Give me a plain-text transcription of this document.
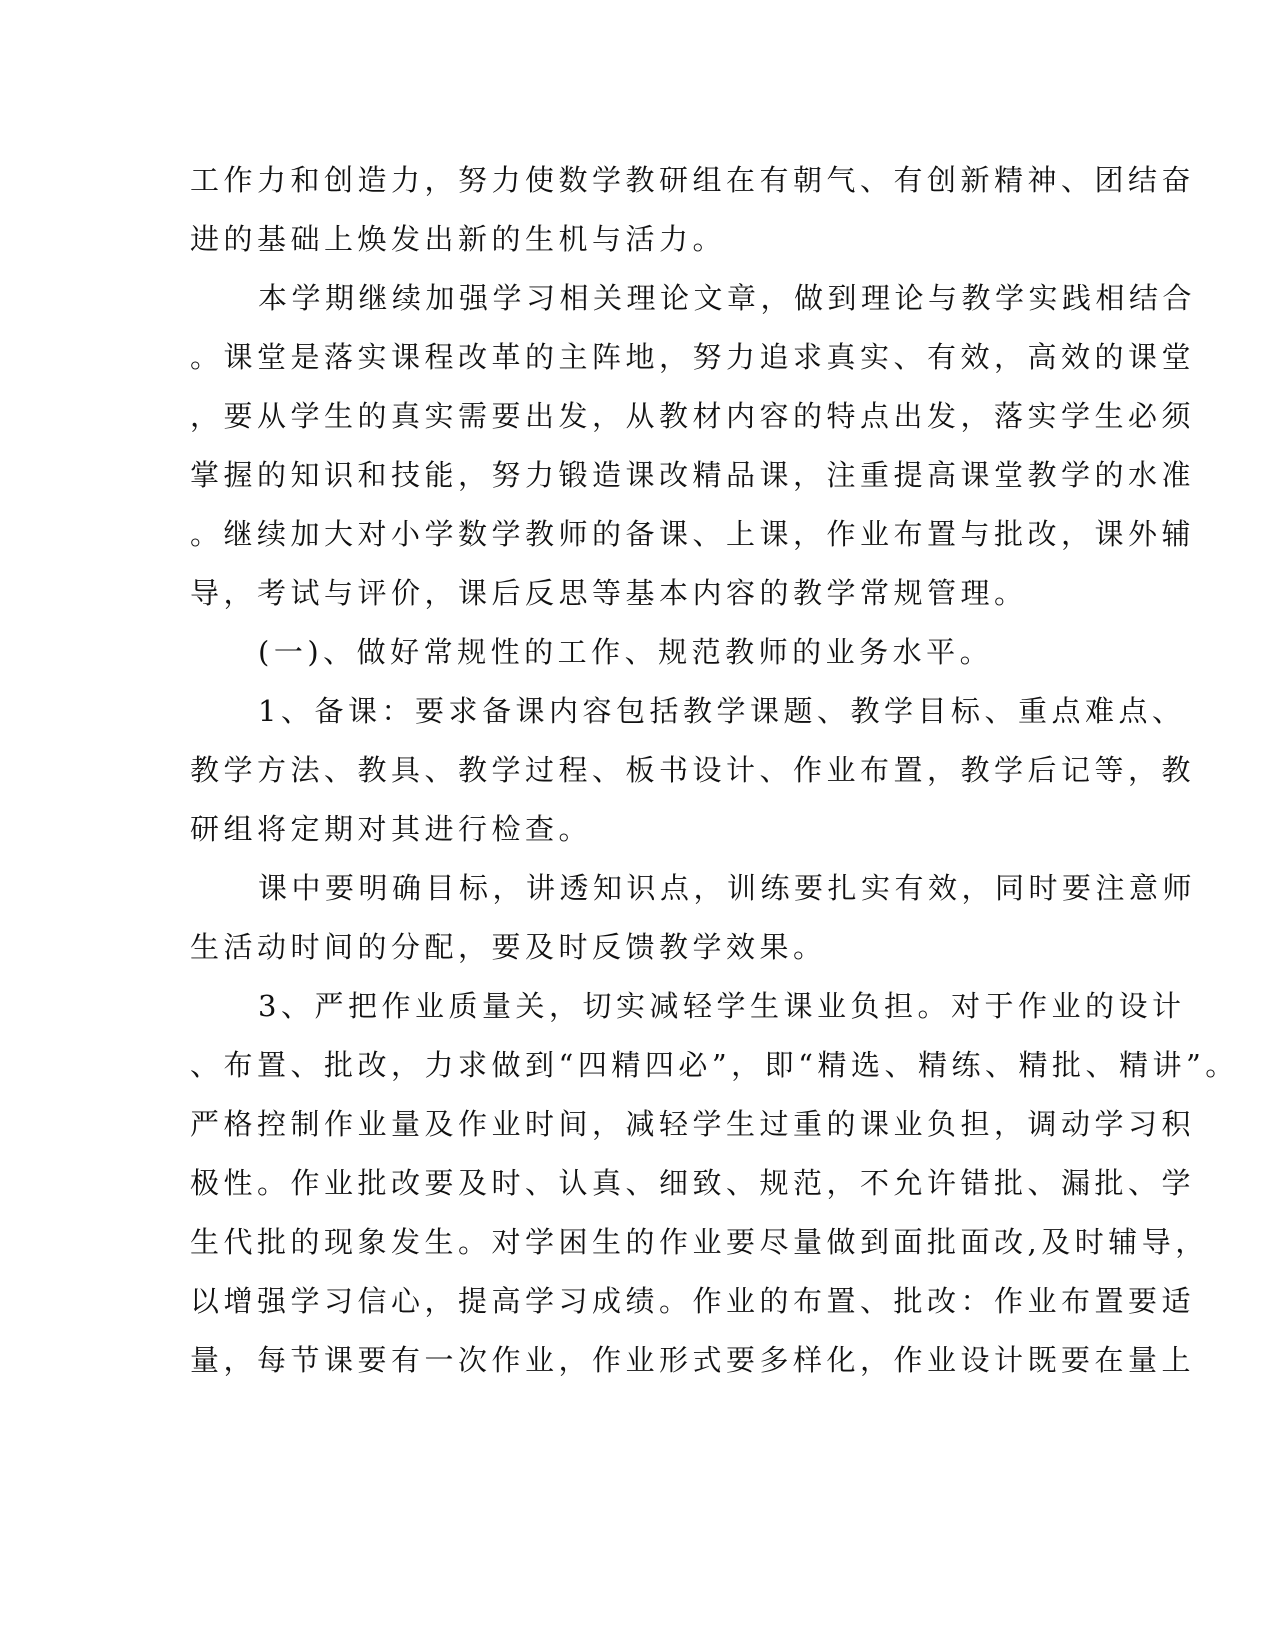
工作力和创造力，努力使数学教研组在有朝气、有创新精神、团结奋
进的基础上焕发出新的生机与活力。
本学期继续加强学习相关理论文章，做到理论与教学实践相结合
。课堂是落实课程改革的主阵地，努力追求真实、有效，高效的课堂
，要从学生的真实需要出发，从教材内容的特点出发，落实学生必须
掌握的知识和技能，努力锻造课改精品课，注重提高课堂教学的水准
。继续加大对小学数学教师的备课、上课，作业布置与批改，课外辅
导，考试与评价，课后反思等基本内容的教学常规管理。
(一)、做好常规性的工作、规范教师的业务水平。
1、备课：要求备课内容包括教学课题、教学目标、重点难点、
教学方法、教具、教学过程、板书设计、作业布置，教学后记等，教
研组将定期对其进行检查。
课中要明确目标，讲透知识点，训练要扎实有效，同时要注意师
生活动时间的分配，要及时反馈教学效果。
3、严把作业质量关，切实减轻学生课业负担。对于作业的设计
、布置、批改，力求做到“四精四必”，即“精选、精练、精批、精讲”。
严格控制作业量及作业时间，减轻学生过重的课业负担，调动学习积
极性。作业批改要及时、认真、细致、规范，不允许错批、漏批、学
生代批的现象发生。对学困生的作业要尽量做到面批面改,及时辅导，
以增强学习信心，提高学习成绩。作业的布置、批改：作业布置要适
量，每节课要有一次作业，作业形式要多样化，作业设计既要在量上
